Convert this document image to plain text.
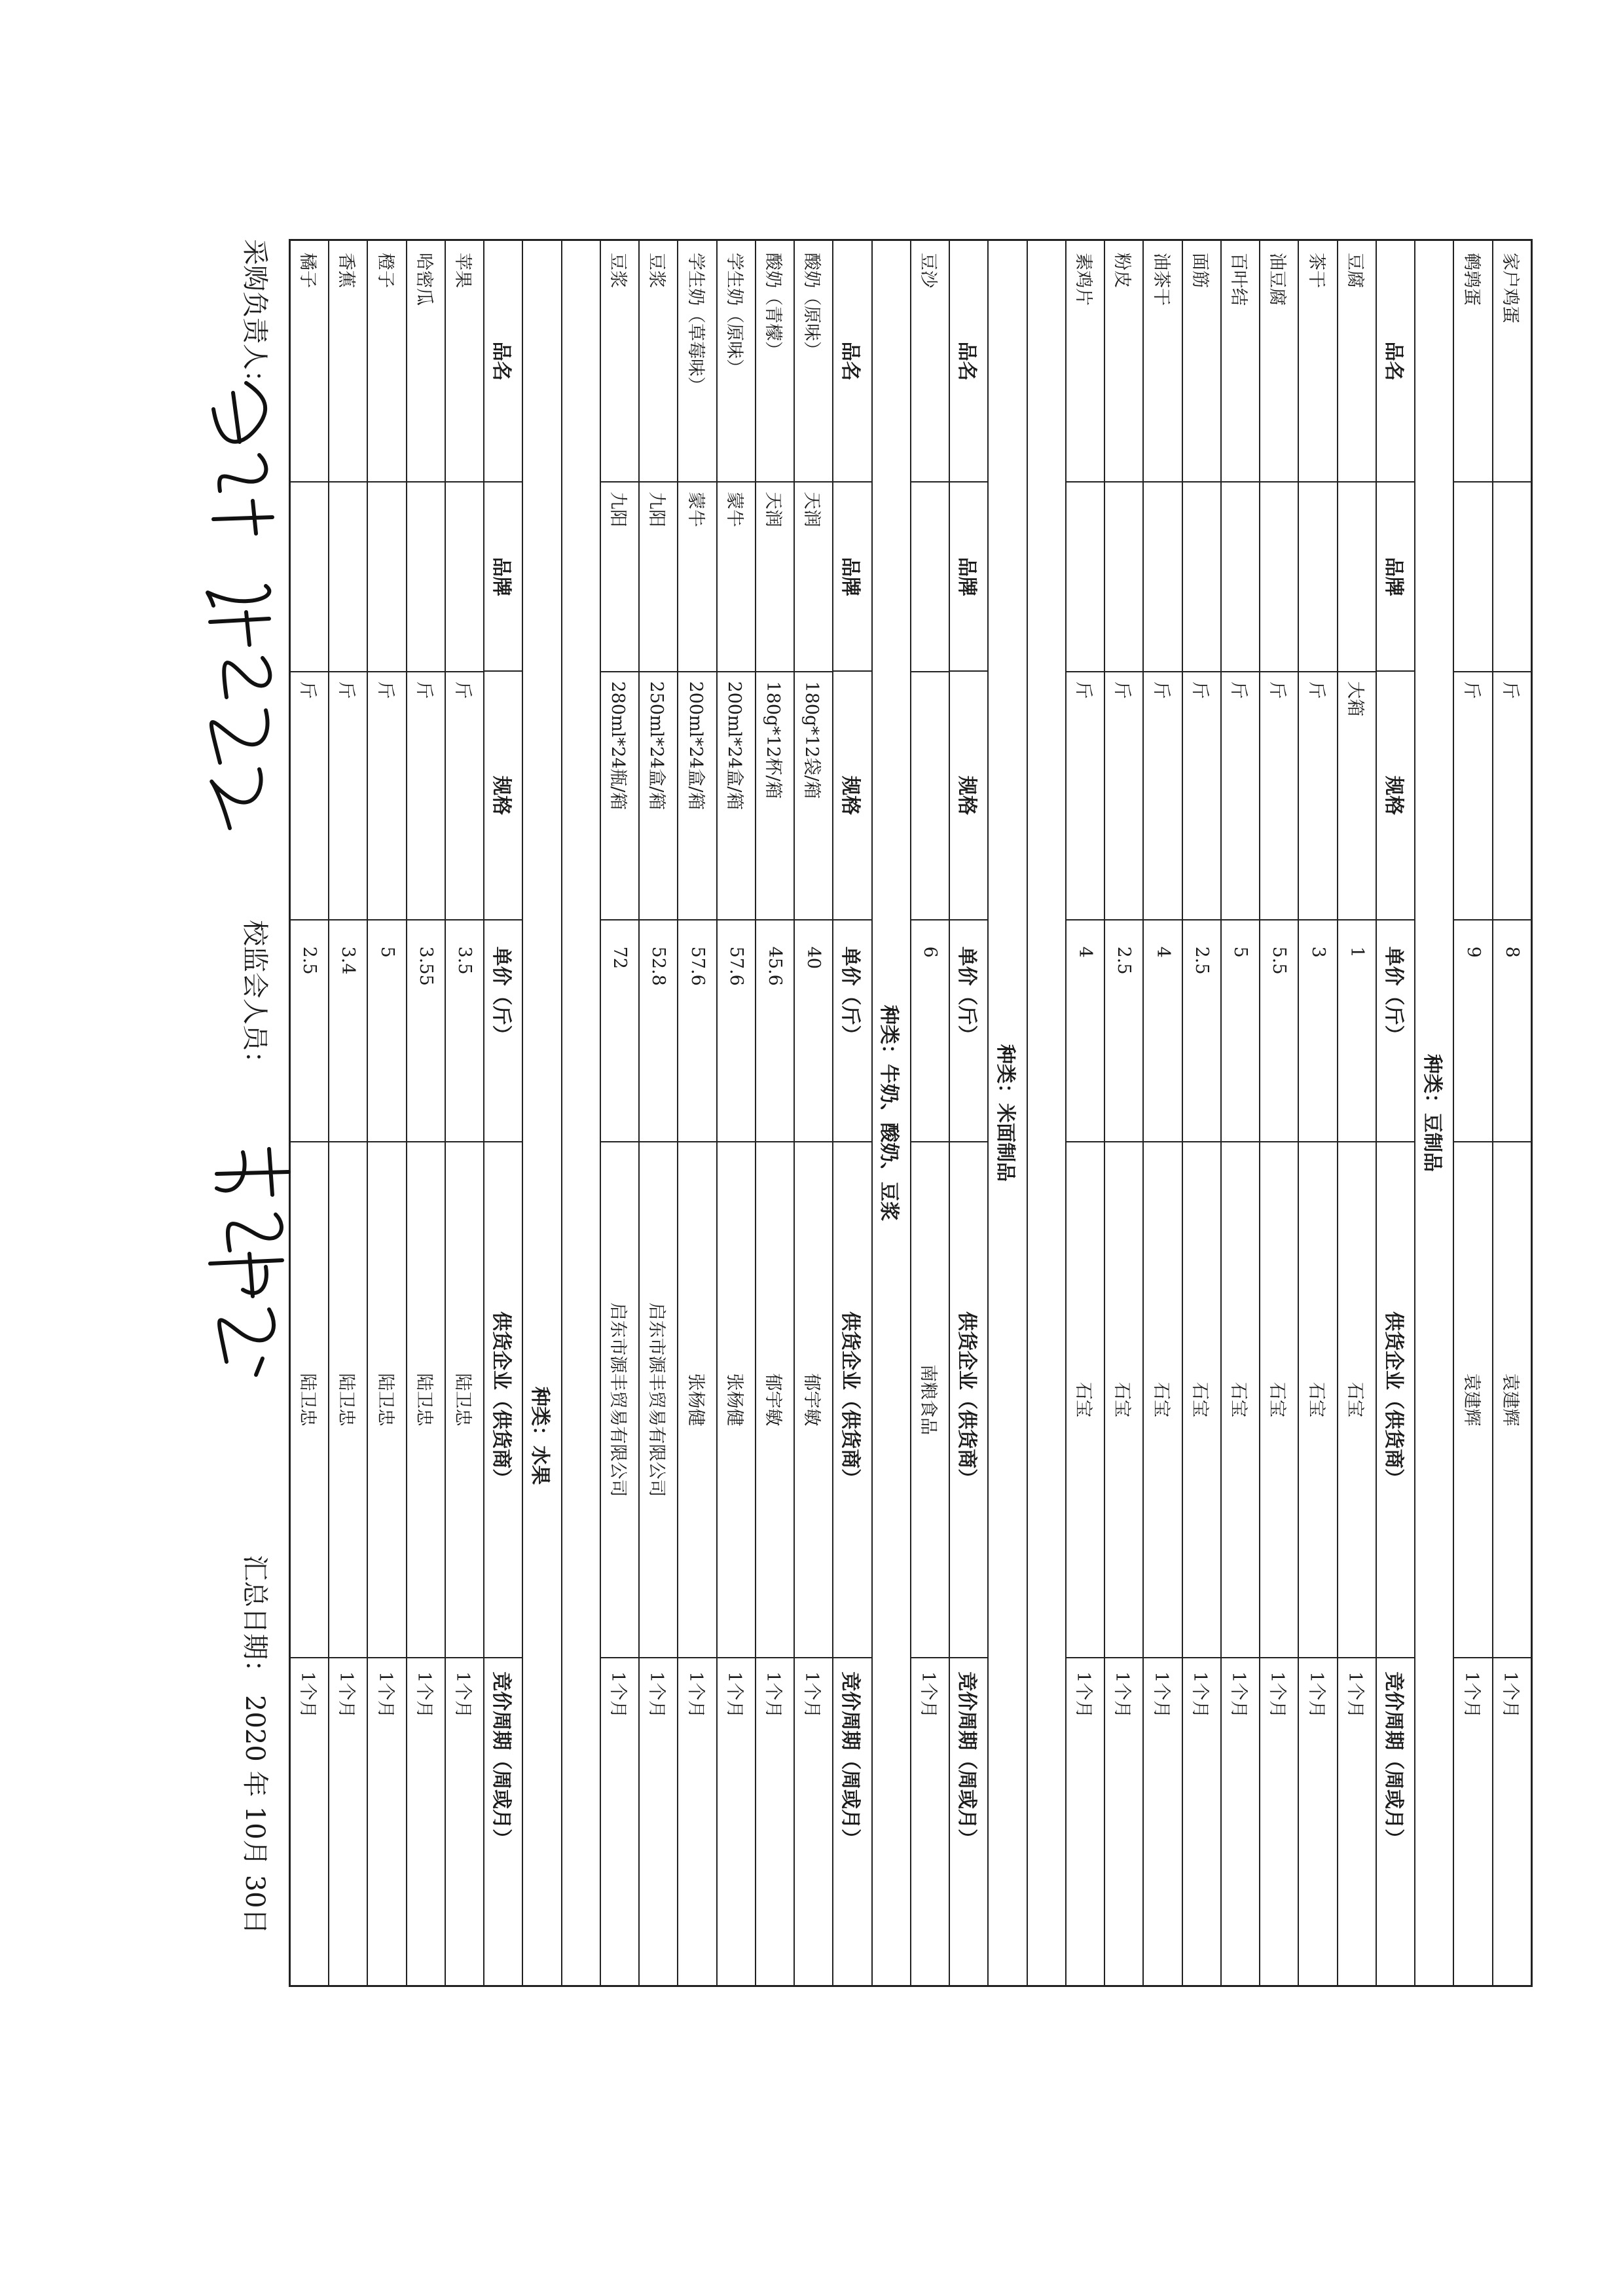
家户鸡蛋
斤
8
袁建辉
1个月
鹌鹑蛋
斤
9
袁建辉
1个月
种类：豆制品
品名
品牌
规格
单价（斤）
供货企业（供货商）
竞价周期（周或月）
豆腐
大箱
1
石宝
1个月
茶干
斤
3
石宝
1个月
油豆腐
斤
5.5
石宝
1个月
百叶结
斤
5
石宝
1个月
面筋
斤
2.5
石宝
1个月
油茶干
斤
4
石宝
1个月
粉皮
斤
2.5
石宝
1个月
素鸡片
斤
4
石宝
1个月
种类：米面制品
品名
品牌
规格
单价（斤）
供货企业（供货商）
竞价周期（周或月）
豆沙
6
南粮食品
1个月
种类：牛奶、酸奶、豆浆
品名
品牌
规格
单价（斤）
供货企业（供货商）
竞价周期（周或月）
酸奶（原味）
天润
180g*12袋/箱
40
郁宇敏
1个月
酸奶（青檬）
天润
180g*12杯/箱
45.6
郁宇敏
1个月
学生奶（原味）
蒙牛
200ml*24盒/箱
57.6
张杨健
1个月
学生奶（草莓味）
蒙牛
200ml*24盒/箱
57.6
张杨健
1个月
豆浆
九阳
250ml*24盒/箱
52.8
启东市源丰贸易有限公司
1个月
豆浆
九阳
280ml*24瓶/箱
72
启东市源丰贸易有限公司
1个月
种类：水果
品名
品牌
规格
单价（斤）
供货企业（供货商）
竞价周期（周或月）
苹果
斤
3.5
陆卫忠
1个月
哈密瓜
斤
3.55
陆卫忠
1个月
橙子
斤
5
陆卫忠
1个月
香蕉
斤
3.4
陆卫忠
1个月
橘子
斤
2.5
陆卫忠
1个月
采购负责人：
校监会人员：
汇总日期：2020年10月30日
